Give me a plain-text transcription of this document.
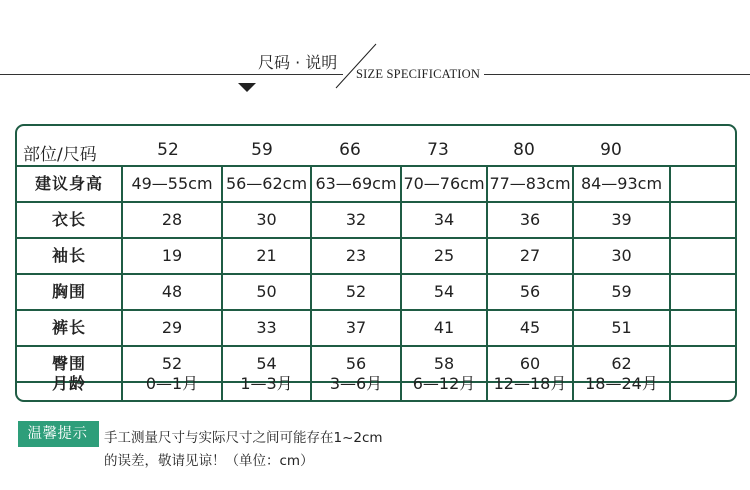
尺码 · 说明
SIZE SPECIFICATION
部位/尺码	52	59	66	73	80	90
建议身高	49—55cm 56—62cm 63—69cm 70—76cm 77—83cm 84—93cm
衣长	28	30	32	34	36	39
袖长	19	21	23	25	27	30
胸围	48	50	52	54	56	59
裤长	29	33	37	41	45	51
臀围	52	54	56	58	60	62
月龄	0—1月	1—3月	3—6月	6—12月	12—18月	18—24月
温馨提示	手工测量尺寸与实际尺寸之间可能存在1~2cm
的误差，敬请见谅！（单位：cm）
